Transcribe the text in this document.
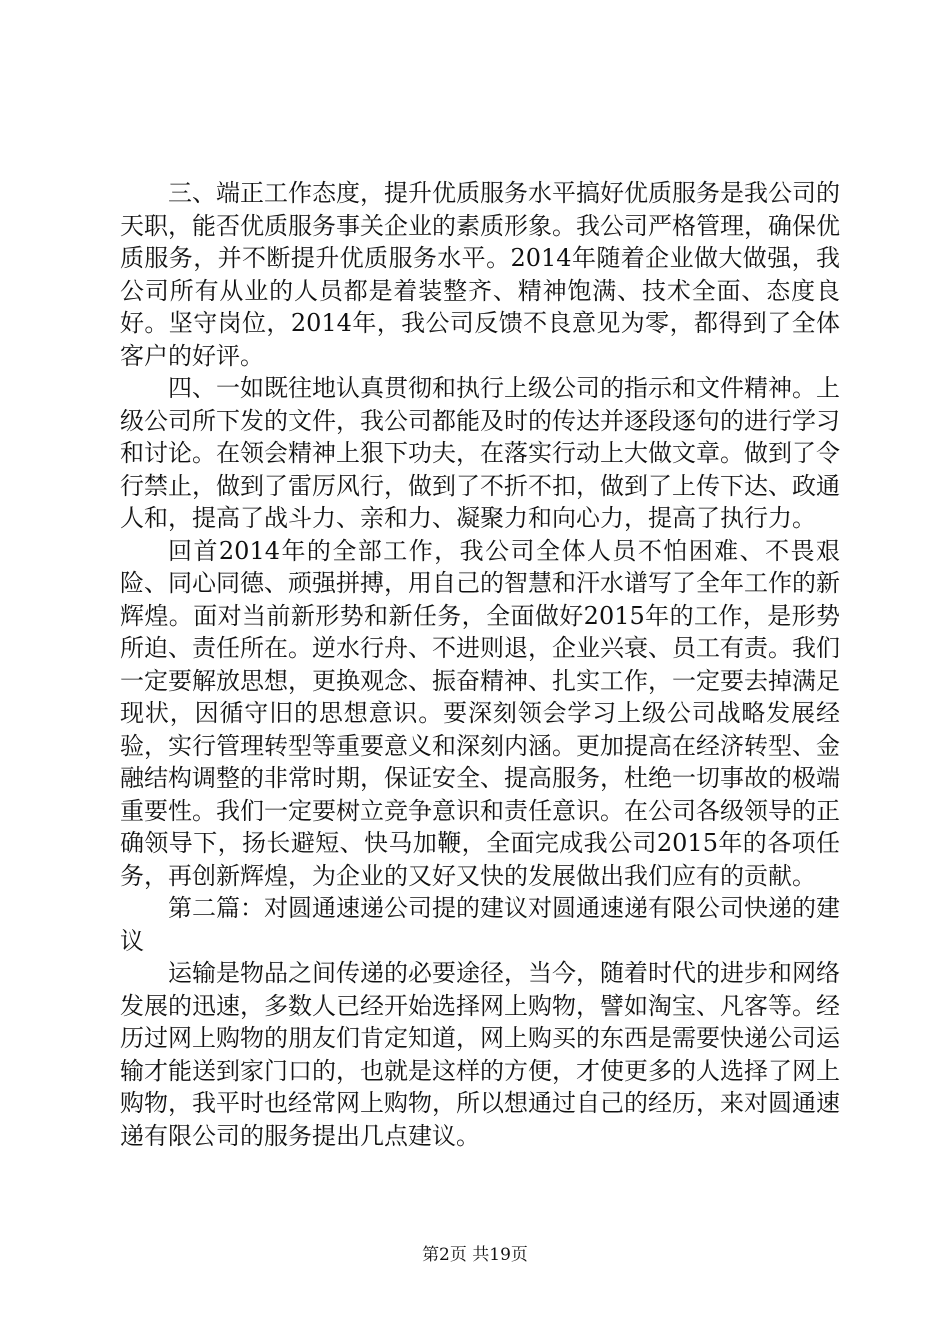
三、端正工作态度，提升优质服务水平搞好优质服务是我公司的天职，能否优质服务事关企业的素质形象。我公司严格管理，确保优质服务，并不断提升优质服务水平。2014年随着企业做大做强，我公司所有从业的人员都是着装整齐、精神饱满、技术全面、态度良好。坚守岗位，2014年，我公司反馈不良意见为零，都得到了全体客户的好评。

四、一如既往地认真贯彻和执行上级公司的指示和文件精神。上级公司所下发的文件，我公司都能及时的传达并逐段逐句的进行学习和讨论。在领会精神上狠下功夫，在落实行动上大做文章。做到了令行禁止，做到了雷厉风行，做到了不折不扣，做到了上传下达、政通人和，提高了战斗力、亲和力、凝聚力和向心力，提高了执行力。

回首2014年的全部工作，我公司全体人员不怕困难、不畏艰险、同心同德、顽强拼搏，用自己的智慧和汗水谱写了全年工作的新辉煌。面对当前新形势和新任务，全面做好2015年的工作，是形势所迫、责任所在。逆水行舟、不进则退，企业兴衰、员工有责。我们一定要解放思想，更换观念、振奋精神、扎实工作，一定要去掉满足现状，因循守旧的思想意识。要深刻领会学习上级公司战略发展经验，实行管理转型等重要意义和深刻内涵。更加提高在经济转型、金融结构调整的非常时期，保证安全、提高服务，杜绝一切事故的极端重要性。我们一定要树立竞争意识和责任意识。在公司各级领导的正确领导下，扬长避短、快马加鞭，全面完成我公司2015年的各项任务，再创新辉煌，为企业的又好又快的发展做出我们应有的贡献。

第二篇：对圆通速递公司提的建议对圆通速递有限公司快递的建议

运输是物品之间传递的必要途径，当今，随着时代的进步和网络发展的迅速，多数人已经开始选择网上购物，譬如淘宝、凡客等。经历过网上购物的朋友们肯定知道，网上购买的东西是需要快递公司运输才能送到家门口的，也就是这样的方便，才使更多的人选择了网上购物，我平时也经常网上购物，所以想通过自己的经历，来对圆通速递有限公司的服务提出几点建议。

第2页 共19页
